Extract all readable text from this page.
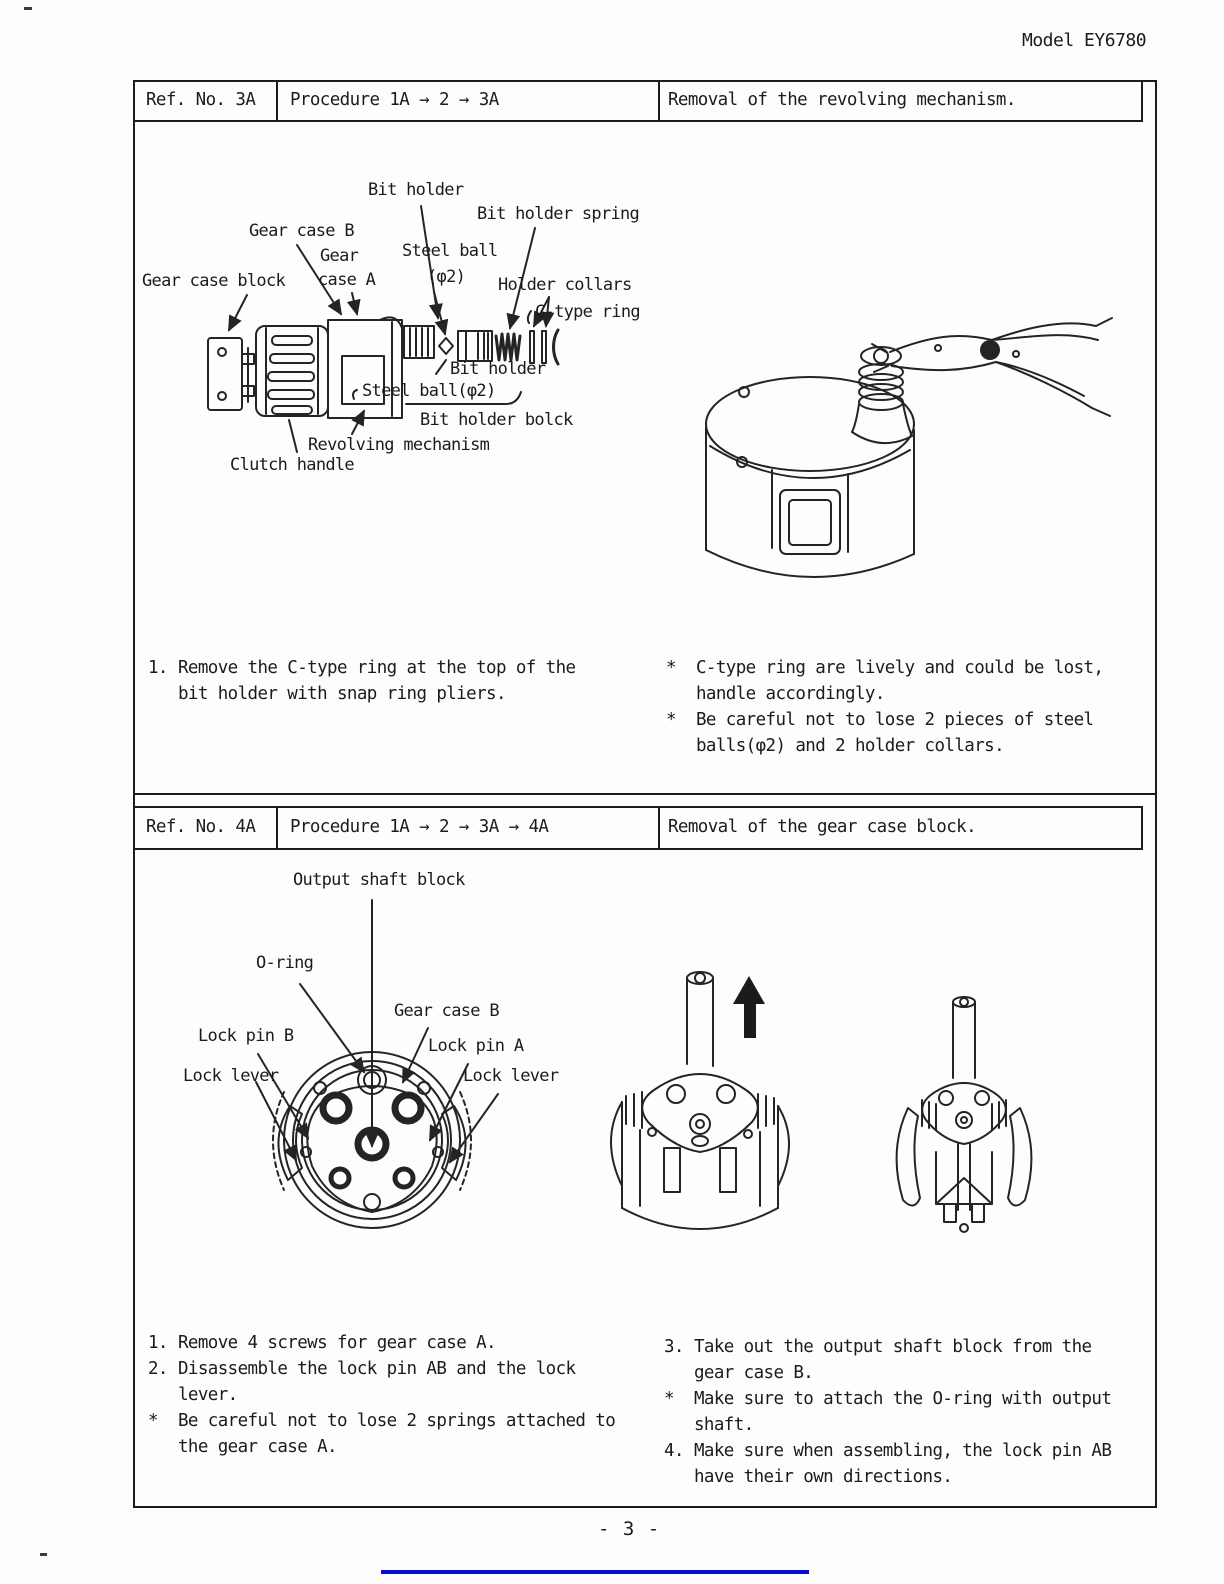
Model EY6780
Ref. No. 3A Procedure 1A → 2 → 3A	Removal of the revolving mechanism.
Ref. No. 4A Procedure 1A → 2 → 3A → 4A	Removal of the gear case block.
Bit holder
Bit holder spring
Gear case B
Gear
case A
Steel ball
(φ2)
Gear case block	Holder collars
C-type ring
Bit holder
Steel ball(φ2)
Bit holder bolck
Revolving mechanism
Clutch handle
1. Remove the C-type ring at the top of the
bit holder with snap ring pliers.
*	C-type ring are lively and could be lost,
handle accordingly.
*	Be careful not to lose 2 pieces of steel
balls(φ2) and 2 holder collars.
Output shaft block
O-ring
Gear case B
Lock pin B	Lock pin A
Lock lever	Lock lever
1. Remove 4 screws for gear case A.
2. Disassemble the lock pin AB and the lock
lever.
*	Be careful not to lose 2 springs attached to
the gear case A.
3. Take out the output shaft block from the
gear case B.
*	Make sure to attach the O-ring with output
shaft.
4. Make sure when assembling, the lock pin AB
have their own directions.
- 3 -
